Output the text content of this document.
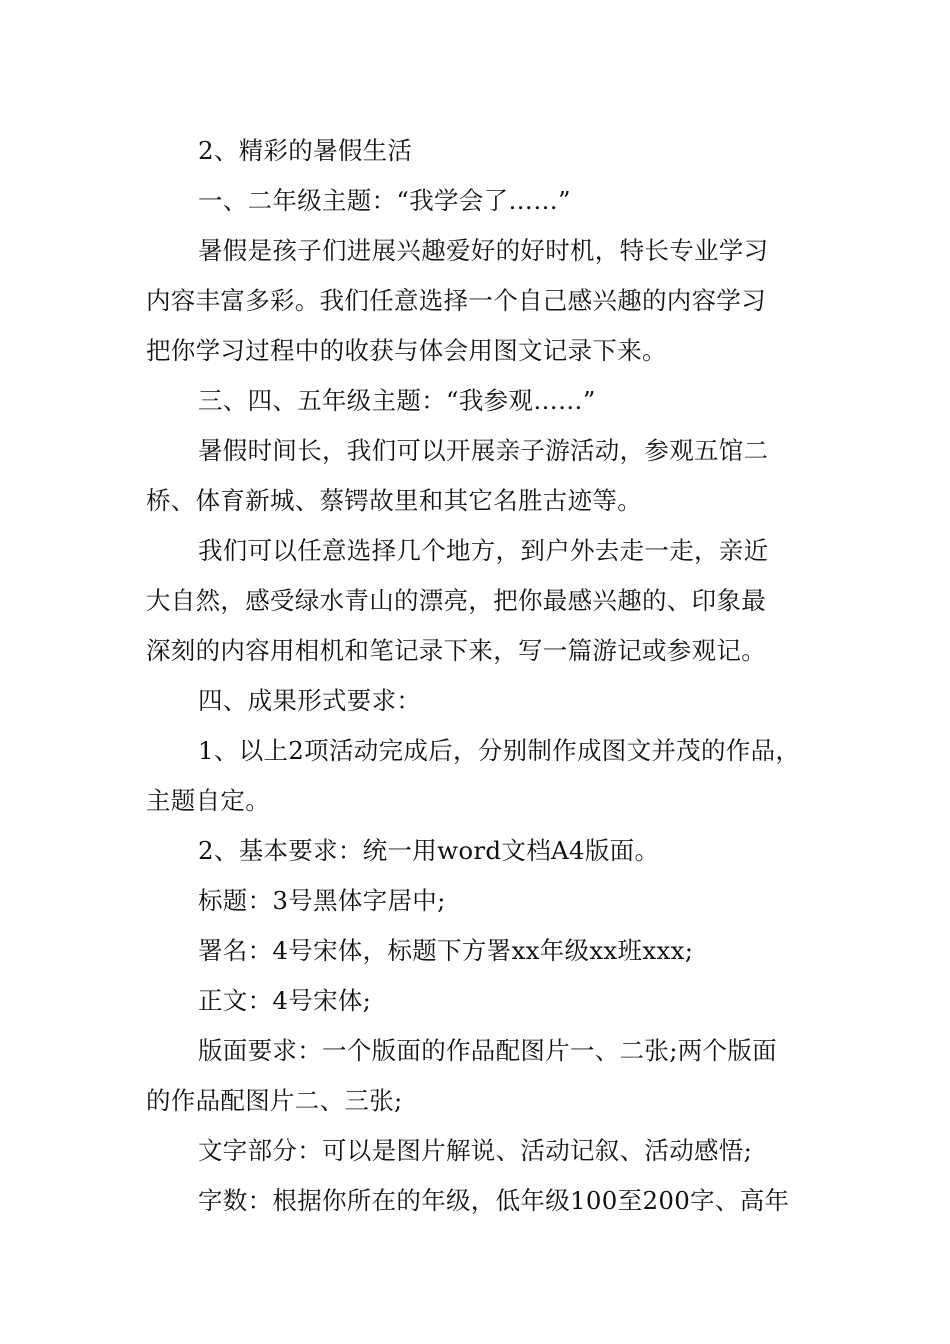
2、精彩的暑假生活

一、二年级主题：“我学会了……”

暑假是孩子们进展兴趣爱好的好时机，特长专业学习
内容丰富多彩。我们任意选择一个自己感兴趣的内容学习
把你学习过程中的收获与体会用图文记录下来。

三、四、五年级主题：“我参观……”

暑假时间长，我们可以开展亲子游活动，参观五馆二
桥、体育新城、蔡锷故里和其它名胜古迹等。

我们可以任意选择几个地方，到户外去走一走，亲近
大自然，感受绿水青山的漂亮，把你最感兴趣的、印象最
深刻的内容用相机和笔记录下来，写一篇游记或参观记。

四、成果形式要求：

1、以上2项活动完成后，分别制作成图文并茂的作品，
主题自定。

2、基本要求：统一用word文档A4版面。

标题：3号黑体字居中;

署名：4号宋体，标题下方署xx年级xx班xxx;

正文：4号宋体;

版面要求：一个版面的作品配图片一、二张;两个版面
的作品配图片二、三张;

文字部分：可以是图片解说、活动记叙、活动感悟;

字数：根据你所在的年级，低年级100至200字、高年
